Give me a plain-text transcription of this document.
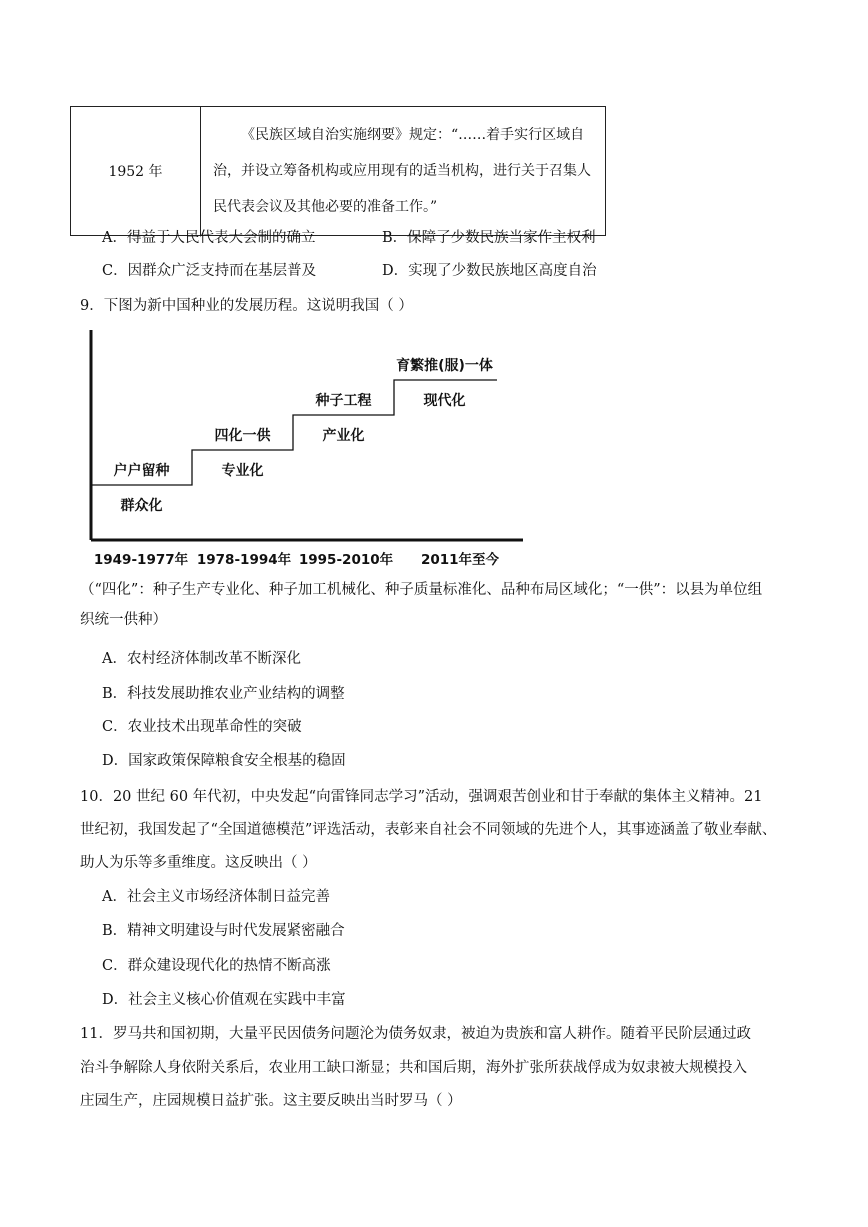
1952 年	《民族区域自治实施纲要》规定：“……着手实行区域自治，并设立筹备机构或应用现有的适当机构，进行关于召集人民代表会议及其他必要的准备工作。”
A．得益于人民代表大会制的确立	B．保障了少数民族当家作主权利
C．因群众广泛支持而在基层普及	D．实现了少数民族地区高度自治
9．下图为新中国种业的发展历程。这说明我国（ ）
户户留种
群众化
四化一供
专业化
种子工程
产业化
育繁推(服)一体
现代化
1949-1977年 1978-1994年 1995-2010年 2011年至今
（“四化”：种子生产专业化、种子加工机械化、种子质量标准化、品种布局区域化；“一供”：以县为单位组
织统一供种）
A．农村经济体制改革不断深化
B．科技发展助推农业产业结构的调整
C．农业技术出现革命性的突破
D．国家政策保障粮食安全根基的稳固
10．20 世纪 60 年代初，中央发起“向雷锋同志学习”活动，强调艰苦创业和甘于奉献的集体主义精神。21
世纪初，我国发起了“全国道德模范”评选活动，表彰来自社会不同领域的先进个人，其事迹涵盖了敬业奉献、
助人为乐等多重维度。这反映出（ ）
A．社会主义市场经济体制日益完善
B．精神文明建设与时代发展紧密融合
C．群众建设现代化的热情不断高涨
D．社会主义核心价值观在实践中丰富
11．罗马共和国初期，大量平民因债务问题沦为债务奴隶，被迫为贵族和富人耕作。随着平民阶层通过政
治斗争解除人身依附关系后，农业用工缺口渐显；共和国后期，海外扩张所获战俘成为奴隶被大规模投入
庄园生产，庄园规模日益扩张。这主要反映出当时罗马（ ）
